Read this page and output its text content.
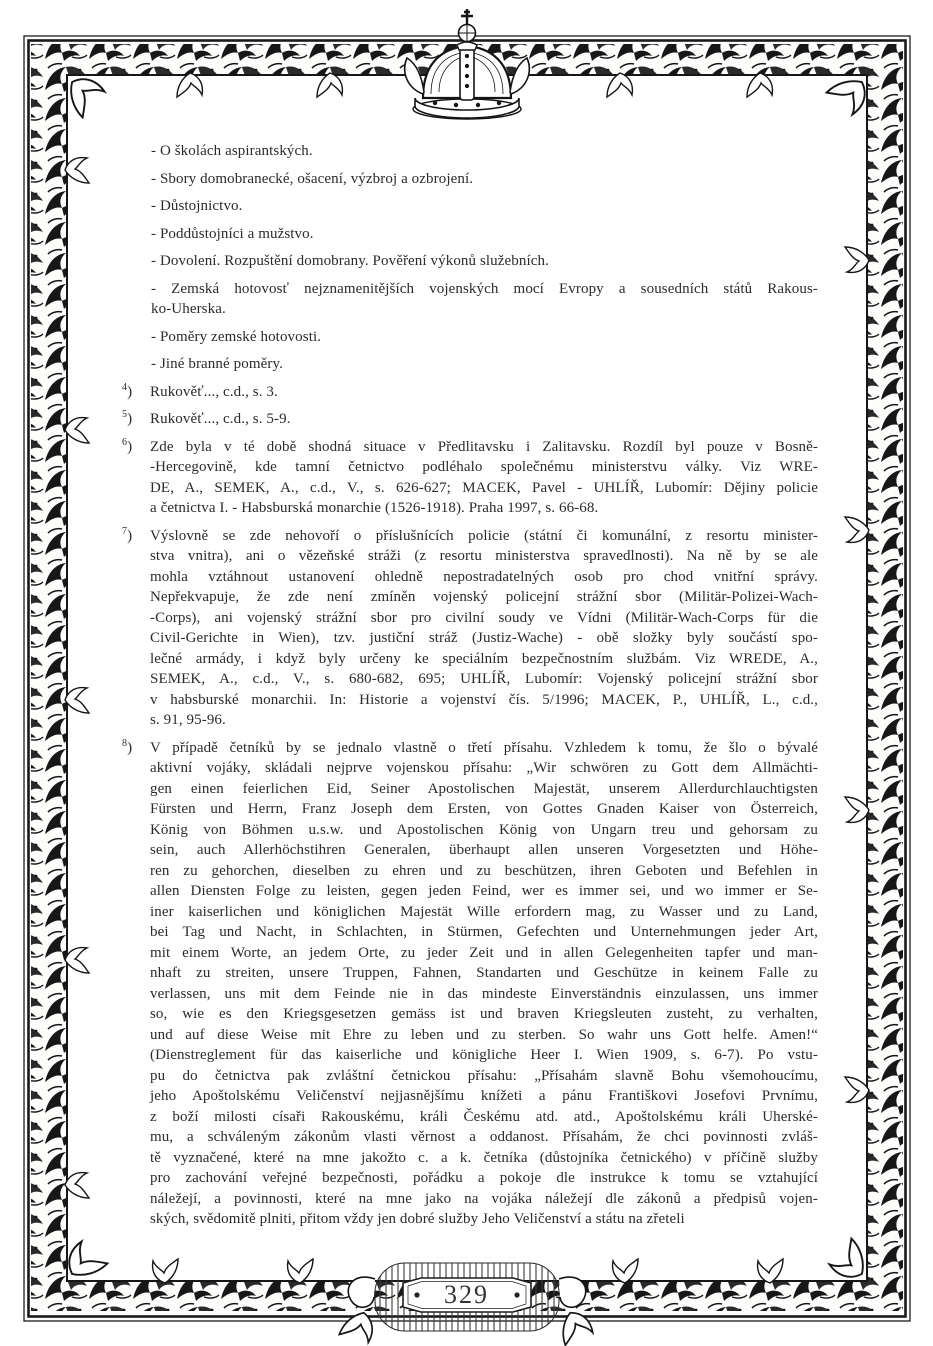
- O školách aspirantských.
- Sbory domobranecké, ošacení, výzbroj a ozbrojení.
- Důstojnictvo.
- Poddůstojníci a mužstvo.
- Dovolení. Rozpuštění domobrany. Pověření výkonů služebních.
- Zemská hotovosť nejznamenitějších vojenských mocí Evropy a sousedních států Rakous-
ko-Uherska.
- Poměry zemské hotovosti.
- Jiné branné poměry.
$^4$) Rukověť..., c.d., s. 3.
$^5$) Rukověť..., c.d., s. 5-9.
$^6$) Zde byla v té době shodná situace v Předlitavsku i Zalitavsku. Rozdíl byl pouze v Bosně-
-Hercegovině, kde tamní četnictvo podléhalo společnému ministerstvu války. Viz WRE-
DE, A., SEMEK, A., c.d., V., s. 626-627; MACEK, Pavel - UHLÍŘ, Lubomír: Dějiny policie
a četnictva I. - Habsburská monarchie (1526-1918). Praha 1997, s. 66-68.
$^7$) Výslovně se zde nehovoří o příslušnících policie (státní či komunální, z resortu minister-
stva vnitra), ani o vězeňské stráži (z resortu ministerstva spravedlnosti). Na ně by se ale
mohla vztáhnout ustanovení ohledně nepostradatelných osob pro chod vnitřní správy.
Nepřekvapuje, že zde není zmíněn vojenský policejní strážní sbor (Militär-Polizei-Wach-
-Corps), ani vojenský strážní sbor pro civilní soudy ve Vídni (Militär-Wach-Corps für die
Civil-Gerichte in Wien), tzv. justiční stráž (Justiz-Wache) - obě složky byly součástí spo-
lečné armády, i když byly určeny ke speciálním bezpečnostním službám. Viz WREDE, A.,
SEMEK, A., c.d., V., s. 680-682, 695; UHLÍŘ, Lubomír: Vojenský policejní strážní sbor
v habsburské monarchii. In: Historie a vojenství čís. 5/1996; MACEK, P., UHLÍŘ, L., c.d.,
s. 91, 95-96.
$^8$) V případě četníků by se jednalo vlastně o třetí přísahu. Vzhledem k tomu, že šlo o bývalé
aktivní vojáky, skládali nejprve vojenskou přísahu: „Wir schwören zu Gott dem Allmächti-
gen einen feierlichen Eid, Seiner Apostolischen Majestät, unserem Allerdurchlauchtigsten
Fürsten und Herrn, Franz Joseph dem Ersten, von Gottes Gnaden Kaiser von Österreich,
König von Böhmen u.s.w. und Apostolischen König von Ungarn treu und gehorsam zu
sein, auch Allerhöchstihren Generalen, überhaupt allen unseren Vorgesetzten und Höhe-
ren zu gehorchen, dieselben zu ehren und zu beschützen, ihren Geboten und Befehlen in
allen Diensten Folge zu leisten, gegen jeden Feind, wer es immer sei, und wo immer er Se-
iner kaiserlichen und königlichen Majestät Wille erfordern mag, zu Wasser und zu Land,
bei Tag und Nacht, in Schlachten, in Stürmen, Gefechten und Unternehmungen jeder Art,
mit einem Worte, an jedem Orte, zu jeder Zeit und in allen Gelegenheiten tapfer und man-
nhaft zu streiten, unsere Truppen, Fahnen, Standarten und Geschütze in keinem Falle zu
verlassen, uns mit dem Feinde nie in das mindeste Einverständnis einzulassen, uns immer
so, wie es den Kriegsgesetzen gemäss ist und braven Kriegsleuten zusteht, zu verhalten,
und auf diese Weise mit Ehre zu leben und zu sterben. So wahr uns Gott helfe. Amen!“
(Dienstreglement für das kaiserliche und königliche Heer I. Wien 1909, s. 6-7). Po vstu-
pu do četnictva pak zvláštní četnickou přísahu: „Přísahám slavně Bohu všemohoucímu,
jeho Apoštolskému Veličenství nejjasnějšímu knížeti a pánu Františkovi Josefovi Prvnímu,
z boží milosti císaři Rakouskému, králi Českému atd. atd., Apoštolskému králi Uherské-
mu, a schváleným zákonům vlasti věrnost a oddanost. Přísahám, že chci povinnosti zvláš-
tě vyznačené, které na mne jakožto c. a k. četníka (důstojníka četnického) v příčině služby
pro zachování veřejné bezpečnosti, pořádku a pokoje dle instrukce k tomu se vztahující
náležejí, a povinnosti, které na mne jako na vojáka náležejí dle zákonů a předpisů vojen-
ských, svědomitě plniti, přitom vždy jen dobré služby Jeho Veličenství a státu na zřeteli
329
